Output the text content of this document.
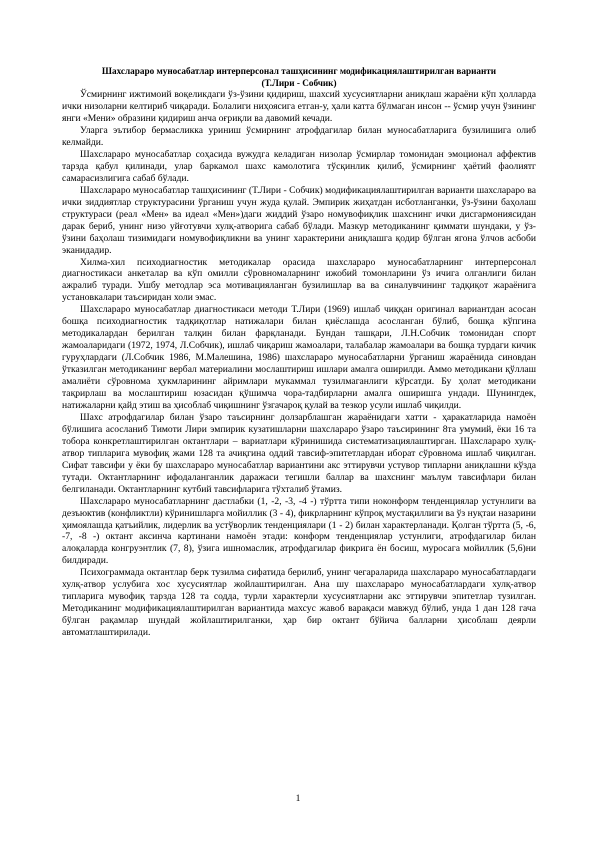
Шахслараро муносабатлар интерперсонал ташҳисининг модификациялаштирилган варианти
(Т.Лири - Собчик)

Ўсмирнинг ижтимоий воқеликдаги ўз-ўзини қидириш, шахсий хусусиятларни аниқлаш жараёни кўп ҳолларда ички низоларни келтириб чиқаради. Болалиги ниҳоясига етган-у, ҳали катта бўлмаган инсон -- ўсмир учун ўзининг янги «Мени» образини қидириш анча оғриқли ва давомий кечади.

Уларга эътибор бермасликка уриниш ўсмирнинг атрофдагилар билан муносабатларига бузилишига олиб келмайди.

Шахслараро муносабатлар соҳасида вужудга келадиган низолар ўсмирлар томонидан эмоционал аффектив тарзда қабул қилинади, улар баркамол шахс камолотига тўсқинлик қилиб, ўсмирнинг ҳаётий фаолиятг самарасизлигига сабаб бўлади.

Шахслараро муносабатлар ташҳисининг (Т.Лири - Собчик) модификациялаштирилган варианти шахслараро ва ички зиддиятлар структурасини ўрганиш учун жуда қулай. Эмпирик жиҳатдан исботланганки, ўз-ўзини баҳолаш структураси (реал «Мен» ва идеал «Мен»)даги жиддий ўзаро номувофиқлик шахснинг ички дисгармониясидан дарак бериб, унинг низо уйғотувчи хулқ-атворига сабаб бўлади. Мазкур методиканинг қиммати шундаки, у ўз-ўзини баҳолаш тизимидаги номувофиқликни ва унинг характерини аниқлашга қодир бўлган ягона ўлчов асбоби эканидадир.

Хилма-хил психодиагностик методикалар орасида шахслараро муносабатларнинг интерперсонал диагностикаси анкеталар ва кўп омилли сўровномаларнинг ижобий томонларини ўз ичига олганлиги билан ажралиб туради. Ушбу методлар эса мотивацияланган бузилишлар ва ва синалувчининг тадқиқот жараёнига установкалари таъсиридан холи эмас.

Шахслараро муносабатлар диагностикаси методи Т.Лири (1969) ишлаб чиққан оригинал вариантдан асосан бошқа психодиагностик тадқиқотлар натижалари билан қиёслашда асосланган бўлиб, бошқа кўпгина методикалардан берилган талқин билан фарқланади. Бундан ташқари, Л.Н.Собчик томонидан спорт жамоаларидаги (1972, 1974, Л.Собчик), ишлаб чиқариш жамоалари, талабалар жамоалари ва бошқа турдаги кичик гуруҳлардаги (Л.Собчик 1986, М.Малешина, 1986) шахслараро муносабатларни ўрганиш жараёнида синовдан ўтказилган методиканинг вербал материалини мослаштириш ишлари амалга оширилди. Аммо методикани қўллаш амалиёти сўровнома ҳукмларининг айримлари мукаммал тузилмаганлиги кўрсатди. Бу ҳолат методикани тақрирлаш ва мослаштириш юзасидан қўшимча чора-тадбирларни амалга оширишга ундади. Шунингдек, натижаларни қайд этиш ва ҳисоблаб чиқишнинг ўзгачароқ қулай ва тезкор усули ишлаб чиқилди.

Шахс атрофдагилар билан ўзаро таъсирнинг долзарблашган жараёнидаги хатти - ҳаракатларида намоён бўлишига асосланиб Тимоти Лири эмпирик кузатишларни шахслараро ўзаро таъсирининг 8та умумий, ёки 16 та тоборa конкретлаштирилган октантлари – вариатлари кўринишида систематизациялаштирган. Шахслараро хулқ-атвор типларига мувофиқ жами 128 та ачиқгина оддий тавсиф-эпитетлардан иборат сўровнома ишлаб чиқилган. Сифат тавсифи у ёки бу шахслараро муносабатлар вариантини акс эттирувчи устувор типларни аниқлашни кўзда тутади. Октантларнинг ифодаланганлик даражаси тегишли баллар ва шахснинг маълум тавсифлари билан белгиланади. Октантларнинг кутбий тавсифларига тўхталиб ўтамиз.

Шахслараро муносабатларнинг дастлабки (1, -2, -3, -4 -) тўртта типи ноконформ тенденциялар устунлиги ва дезъюктив (конфликтли) кўринишларга мойиллик (3 - 4), фикрларнинг кўпроқ мустақиллиги ва ўз нуқтаи назарини ҳимоялашда қатъийлик, лидерлик ва устўворлик тенденциялари (1 - 2) билан характерланади. Қолган тўртта (5, -6, -7, -8 -) октант аксинча картинани намоён этади: конформ тенденциялар устунлиги, атрофдагилар билан алоқаларда конгруэнтлик (7, 8), ўзига ишномаслик, атрофдагилар фикрига ён босиш, муросага мойиллик (5,6)ни билдиради.

Психограммада октантлар берк тузилма сифатида берилиб, унинг чегараларида шахслараро муносабатлардаги хулқ-атвор услубига хос хусусиятлар жойлаштирилган. Ана шу шахслараро муносабатлардаги хулқ-атвор типларига мувофиқ тарзда 128 та содда, турли характерли хусусиятларни акс эттирувчи эпитетлар тузилган. Методиканинг модификациялаштирилган вариантида махсус жавоб варақаси мавжуд бўлиб, унда 1 дан 128 гача бўлган рақамлар шундай жойлаштирилганки, ҳар бир октант бўйича балларни ҳисоблаш деярли автоматлаштирилади.

1
